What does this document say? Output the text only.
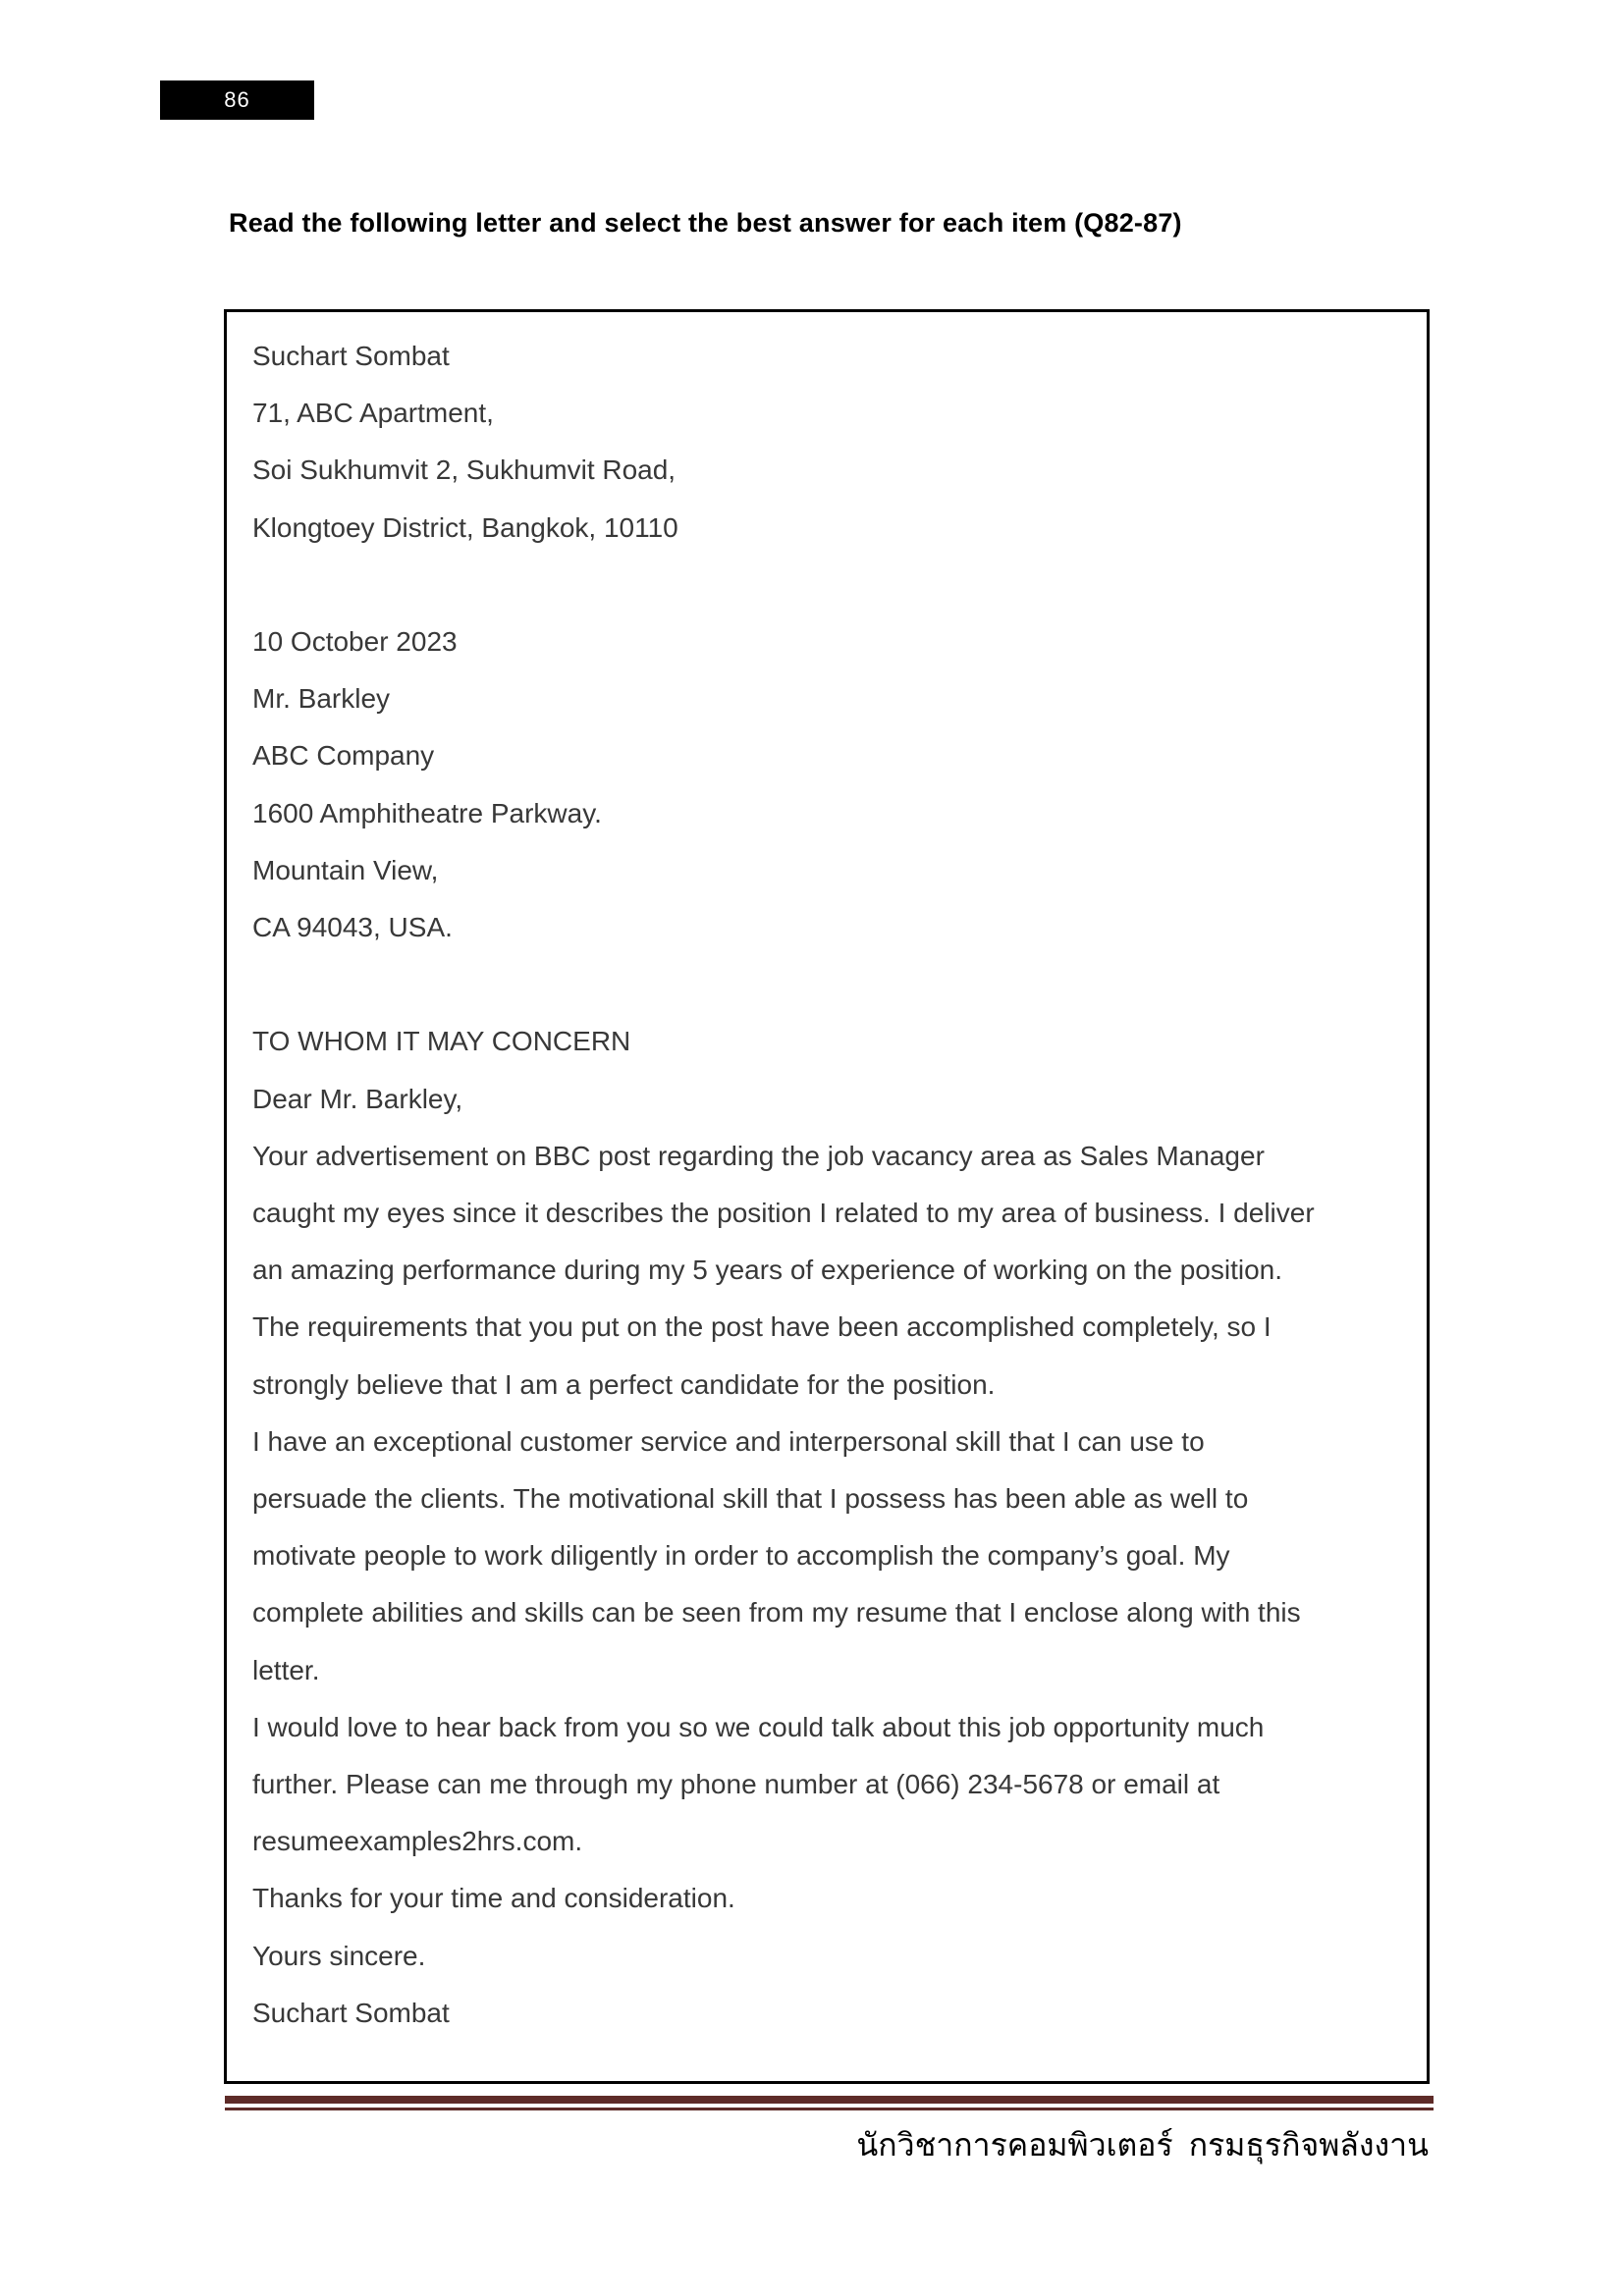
86
Read the following letter and select the best answer for each item (Q82-87)
Suchart Sombat
71, ABC Apartment,
Soi Sukhumvit 2, Sukhumvit Road,
Klongtoey District, Bangkok, 10110
10 October 2023
Mr. Barkley
ABC Company
1600 Amphitheatre Parkway.
Mountain View,
CA 94043, USA.
TO WHOM IT MAY CONCERN
Dear Mr. Barkley,
Your advertisement on BBC post regarding the job vacancy area as Sales Manager
caught my eyes since it describes the position I related to my area of business. I deliver
an amazing performance during my 5 years of experience of working on the position.
The requirements that you put on the post have been accomplished completely, so I
strongly believe that I am a perfect candidate for the position.
I have an exceptional customer service and interpersonal skill that I can use to
persuade the clients. The motivational skill that I possess has been able as well to
motivate people to work diligently in order to accomplish the company’s goal. My
complete abilities and skills can be seen from my resume that I enclose along with this
letter.
I would love to hear back from you so we could talk about this job opportunity much
further. Please can me through my phone number at (066) 234-5678 or email at
resumeexamples2hrs.com.
Thanks for your time and consideration.
Yours sincere.
Suchart Sombat
นักวิชาการคอมพิวเตอร์  กรมธุรกิจพลังงาน
